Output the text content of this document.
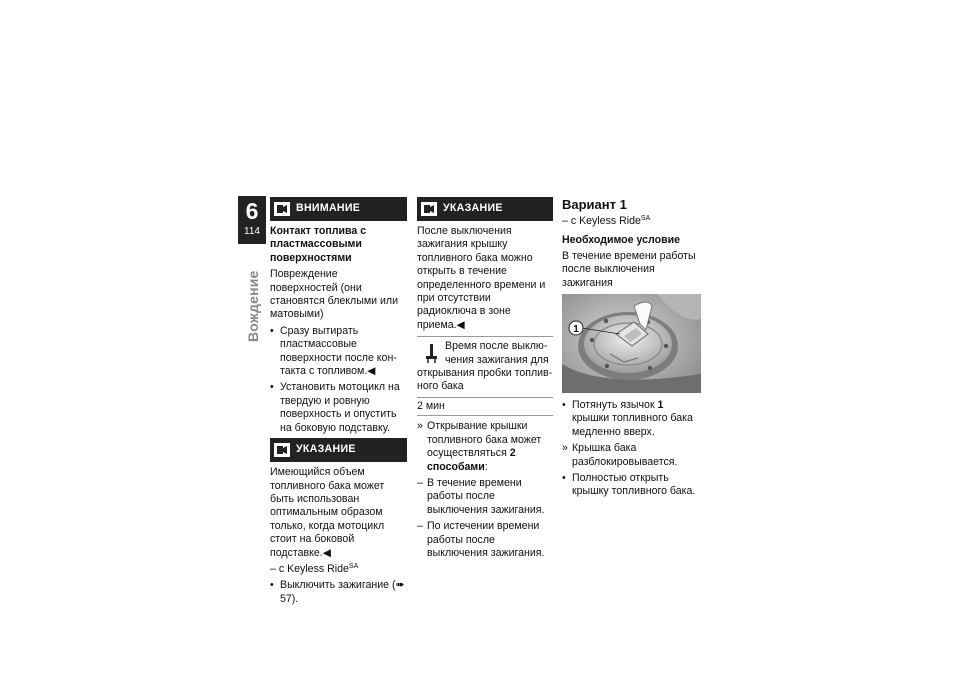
6
114
Вождение
ВНИМАНИЕ

Контакт топлива с пластмассовыми поверхностями

Повреждение поверхностей (они становятся блеклыми или матовыми)

• Сразу вытирать пластмассовые поверхности после контакта с топливом.◀
• Установить мотоцикл на твердую и ровную поверхность и опустить на боковую подставку.
УКАЗАНИЕ

Имеющийся объем топливного бака может быть использован оптимальным образом только, когда мотоцикл стоит на боковой подставке.◀

– с Keyless Ride$^{SA}$

• Выключить зажигание (➠ 57).
УКАЗАНИЕ

После выключения зажигания крышку топливного бака можно открыть в течение определенного времени и при отсутствии радиоключа в зоне приема.◀

Время после выключения зажигания для
открывания пробки топливного бака
2 мин
» Открывание крышки топливного бака может осуществляться 2 способами:
– В течение времени работы после выключения зажигания.
– По истечении времени работы после выключения зажигания.
Вариант 1

– с Keyless Ride$^{SA}$

Необходимое условие

В течение времени работы после выключения зажигания

1
• Потянуть язычок 1 крышки топливного бака медленно вверх.
» Крышка бака разблокировывается.
• Полностью открыть крышку топливного бака.
